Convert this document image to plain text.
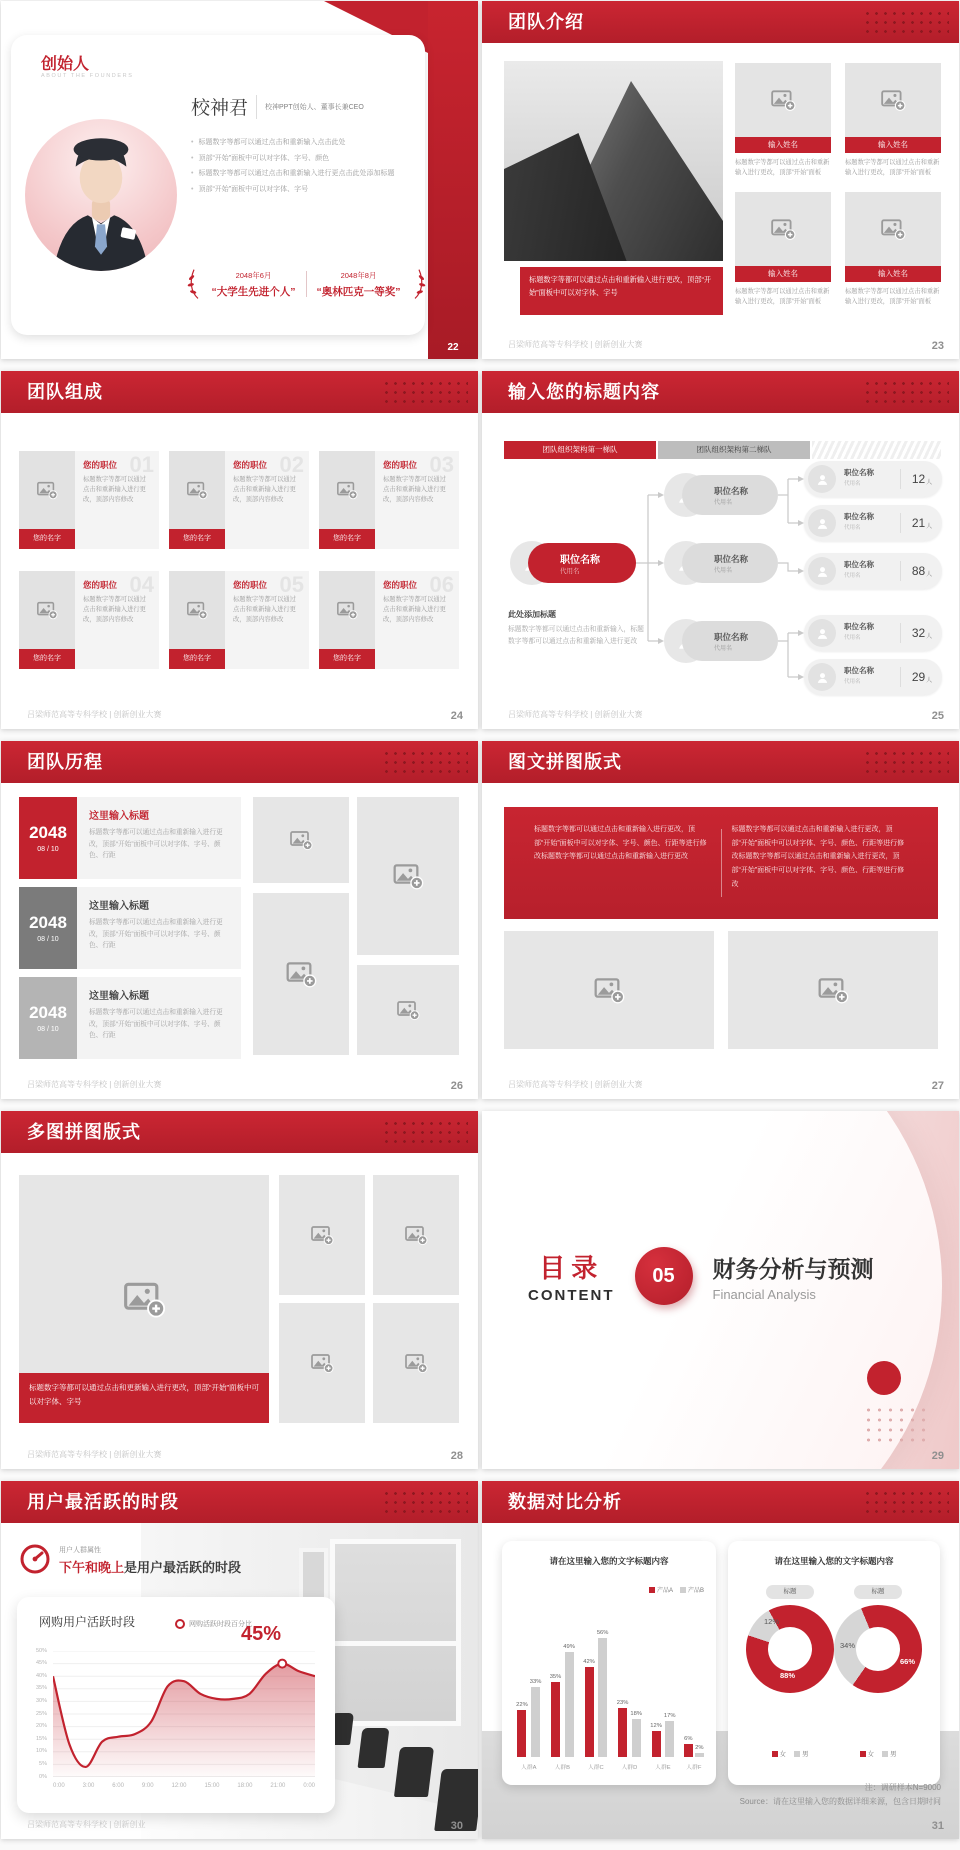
22
创始人
ABOUT THE FOUNDERS
校神君 校神PPT创始人、董事长兼CEO
• 标题数字等都可以通过点击和重新输入点击此处
• 顶部“开始”面板中可以对字体、字号、颜色
• 标题数字等都可以通过点击和重新输入进行更点击此处添加标题
• 顶部“开始”面板中可以对字体、字号
2048年6月
“大学生先进个人”
2048年8月
“奥林匹克一等奖”
团队介绍
标题数字等都可以通过点击和重新输入进行更改，顶部“开始”面板中可以对字体、字号
输入姓名
标题数字等都可以通过点击和重新输入进行更改，顶部“开始”面板
输入姓名
标题数字等都可以通过点击和重新输入进行更改，顶部“开始”面板
输入姓名
标题数字等都可以通过点击和重新输入进行更改，顶部“开始”面板
输入姓名
标题数字等都可以通过点击和重新输入进行更改，顶部“开始”面板
吕梁师范高等专科学校 | 创新创业大赛	23
团队组成
您的名字
01
您的职位
标题数字等都可以通过点击和重新输入进行更改，顶部内容修改
您的名字
02
您的职位
标题数字等都可以通过点击和重新输入进行更改，顶部内容修改
您的名字
03
您的职位
标题数字等都可以通过点击和重新输入进行更改，顶部内容修改
您的名字
04
您的职位
标题数字等都可以通过点击和重新输入进行更改，顶部内容修改
您的名字
05
您的职位
标题数字等都可以通过点击和重新输入进行更改，顶部内容修改
您的名字
06
您的职位
标题数字等都可以通过点击和重新输入进行更改，顶部内容修改
吕梁师范高等专科学校 | 创新创业大赛	24
输入您的标题内容
团队组织架构第一梯队	团队组织架构第二梯队
职位名称
代用名
职位名称
代用名
职位名称
代用名
职位名称
代用名
职位名称
代用名	12 人
职位名称
代用名	21 人
职位名称
代用名	88 人
职位名称
代用名	32 人
职位名称
代用名	29 人
此处添加标题
标题数字等都可以通过点击和重新输入，标题数字等都可以通过点击和重新输入进行更改
吕梁师范高等专科学校 | 创新创业大赛	25
团队历程
2048
08 / 10
这里输入标题
标题数字等都可以通过点击和重新输入进行更改，顶部“开始”面板中可以对字体、字号、颜色、行距
2048
08 / 10
这里输入标题
标题数字等都可以通过点击和重新输入进行更改，顶部“开始”面板中可以对字体、字号、颜色、行距
2048
08 / 10
这里输入标题
标题数字等都可以通过点击和重新输入进行更改，顶部“开始”面板中可以对字体、字号、颜色、行距
吕梁师范高等专科学校 | 创新创业大赛	26
图文拼图版式
标题数字等都可以通过点击和重新输入进行更改，顶部“开始”面板中可以对字体、字号、颜色、行距等进行修改标题数字等都可以通过点击和重新输入进行更改
标题数字等都可以通过点击和重新输入进行更改，顶部“开始”面板中可以对字体、字号、颜色、行距等进行修改标题数字等都可以通过点击和重新输入进行更改，顶部“开始”面板中可以对字体、字号、颜色、行距等进行修改
吕梁师范高等专科学校 | 创新创业大赛	27
多图拼图版式
标题数字等都可以通过点击和更新输入进行更改，顶部“开始”面板中可以对字体、字号
吕梁师范高等专科学校 | 创新创业大赛	28
目录
CONTENT
05	财务分析与预测
Financial Analysis
29
用户最活跃的时段
用户人群属性
下午和晚上是用户最活跃的时段
网购用户活跃时段	网购活跃时段百分比
0%
5%
10%
15%
20%
25%
30%
35%
40%
45%
50%
0:00	3:00	6:00	9:00	12:00	15:00	18:00	21:00	0:00
45%
吕梁师范高等专科学校 | 创新创业	30
数据对比分析
请在这里输入您的文字标题内容
产品A	产品B
22%
33%
人群A
35%
49%
人群B
42%
56%
人群C
23%
18%
人群D
12%
17%
人群E
6%
2%
人群F
请在这里输入您的文字标题内容
标题	标题
12%
88%
34%
66%
女	男	女	男
注：调研样本N=9000
Source：请在这里输入您的数据详细来源，包含日期时间
31
